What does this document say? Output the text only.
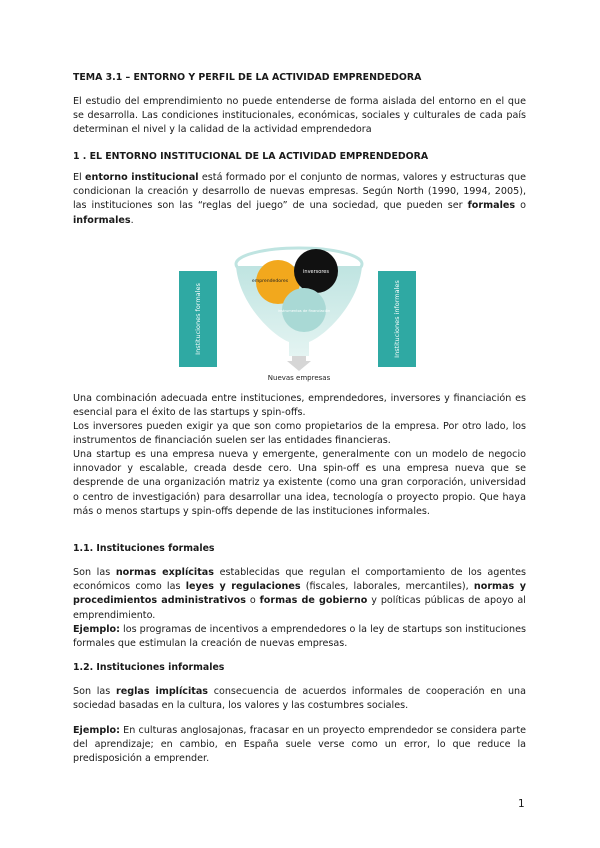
TEMA 3.1 – ENTORNO Y PERFIL DE LA ACTIVIDAD EMPRENDEDORA

El estudio del emprendimiento no puede entenderse de forma aislada del entorno en el que se desarrolla. Las condiciones institucionales, económicas, sociales y culturales de cada país determinan el nivel y la calidad de la actividad emprendedora

1 . EL ENTORNO INSTITUCIONAL DE LA ACTIVIDAD EMPRENDEDORA

El entorno institucional está formado por el conjunto de normas, valores y estructuras que condicionan la creación y desarrollo de nuevas empresas. Según North (1990, 1994, 2005), las instituciones son las “reglas del juego” de una sociedad, que pueden ser formales o informales.

Instituciones formales	Instituciones informales
emprendedores
inversores
instrumentos de financiación
Nuevas empresas

Una combinación adecuada entre instituciones, emprendedores, inversores y financiación es esencial para el éxito de las startups y spin-offs.

Los inversores pueden exigir ya que son como propietarios de la empresa. Por otro lado, los instrumentos de financiación suelen ser las entidades financieras.

Una startup es una empresa nueva y emergente, generalmente con un modelo de negocio innovador y escalable, creada desde cero. Una spin-off es una empresa nueva que se desprende de una organización matriz ya existente (como una gran corporación, universidad o centro de investigación) para desarrollar una idea, tecnología o proyecto propio. Que haya más o menos startups y spin-offs depende de las instituciones informales.

1.1. Instituciones formales

Son las normas explícitas establecidas que regulan el comportamiento de los agentes económicos como las leyes y regulaciones (fiscales, laborales, mercantiles), normas y procedimientos administrativos o formas de gobierno y políticas públicas de apoyo al emprendimiento.
Ejemplo: los programas de incentivos a emprendedores o la ley de startups son instituciones formales que estimulan la creación de nuevas empresas.

1.2. Instituciones informales

Son las reglas implícitas consecuencia de acuerdos informales de cooperación en una sociedad basadas en la cultura, los valores y las costumbres sociales.

Ejemplo: En culturas anglosajonas, fracasar en un proyecto emprendedor se considera parte del aprendizaje; en cambio, en España suele verse como un error, lo que reduce la predisposición a emprender.

1
